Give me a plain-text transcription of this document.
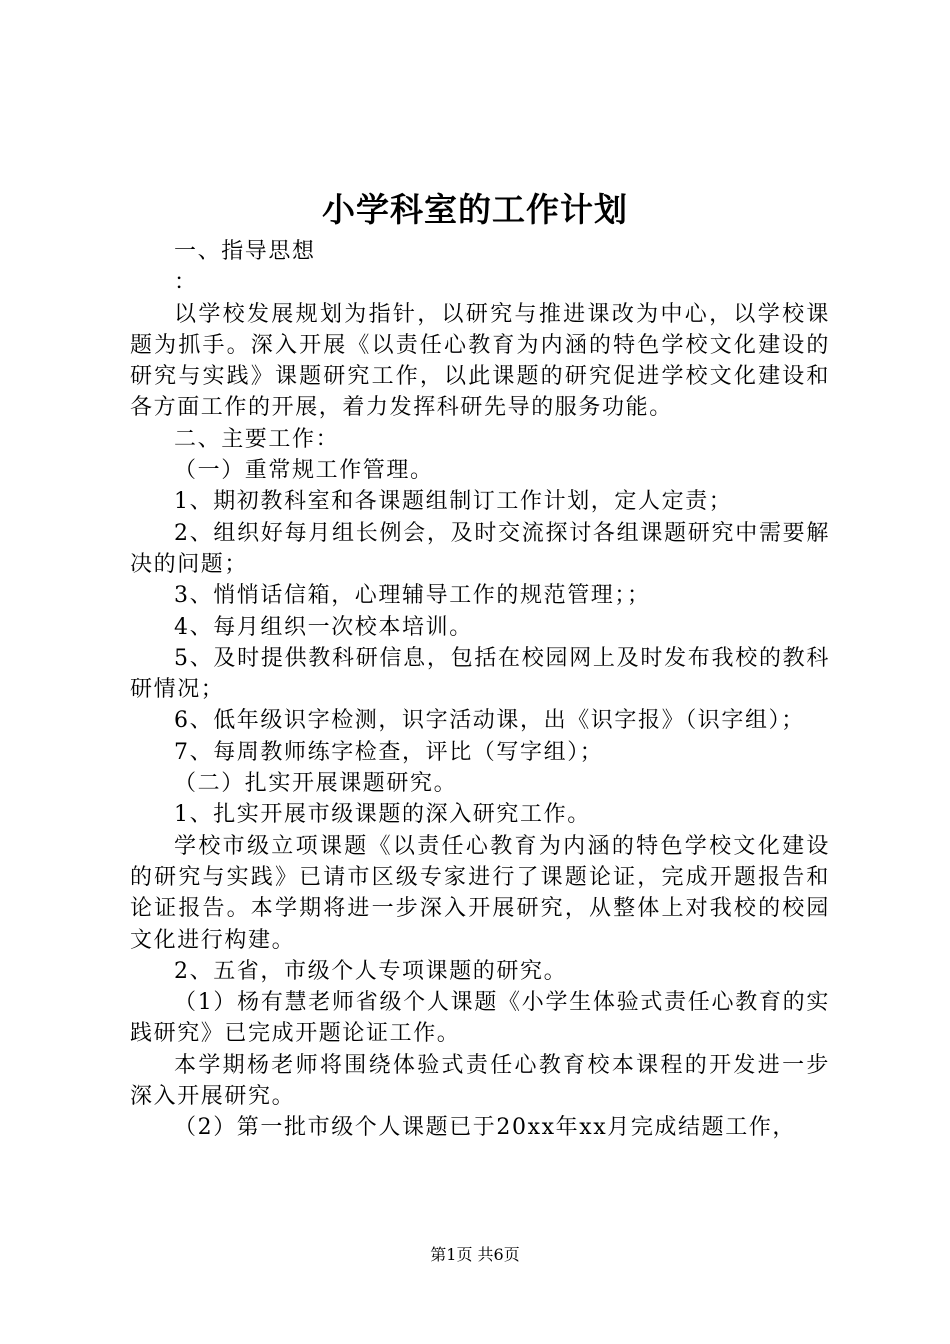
小学科室的工作计划

一、指导思想

：

以学校发展规划为指针，以研究与推进课改为中心，以学校课题为抓手。深入开展《以责任心教育为内涵的特色学校文化建设的研究与实践》课题研究工作，以此课题的研究促进学校文化建设和各方面工作的开展，着力发挥科研先导的服务功能。

二、主要工作：

（一）重常规工作管理。

1、期初教科室和各课题组制订工作计划，定人定责；

2、组织好每月组长例会，及时交流探讨各组课题研究中需要解决的问题；

3、悄悄话信箱，心理辅导工作的规范管理；；

4、每月组织一次校本培训。

5、及时提供教科研信息，包括在校园网上及时发布我校的教科研情况；

6、低年级识字检测，识字活动课，出《识字报》（识字组）；

7、每周教师练字检查，评比（写字组）；

（二）扎实开展课题研究。

1、扎实开展市级课题的深入研究工作。

学校市级立项课题《以责任心教育为内涵的特色学校文化建设的研究与实践》已请市区级专家进行了课题论证，完成开题报告和论证报告。本学期将进一步深入开展研究，从整体上对我校的校园文化进行构建。

2、五省，市级个人专项课题的研究。

（1）杨有慧老师省级个人课题《小学生体验式责任心教育的实践研究》已完成开题论证工作。

本学期杨老师将围绕体验式责任心教育校本课程的开发进一步深入开展研究。

（2）第一批市级个人课题已于20xx年xx月完成结题工作，

第1页 共6页
